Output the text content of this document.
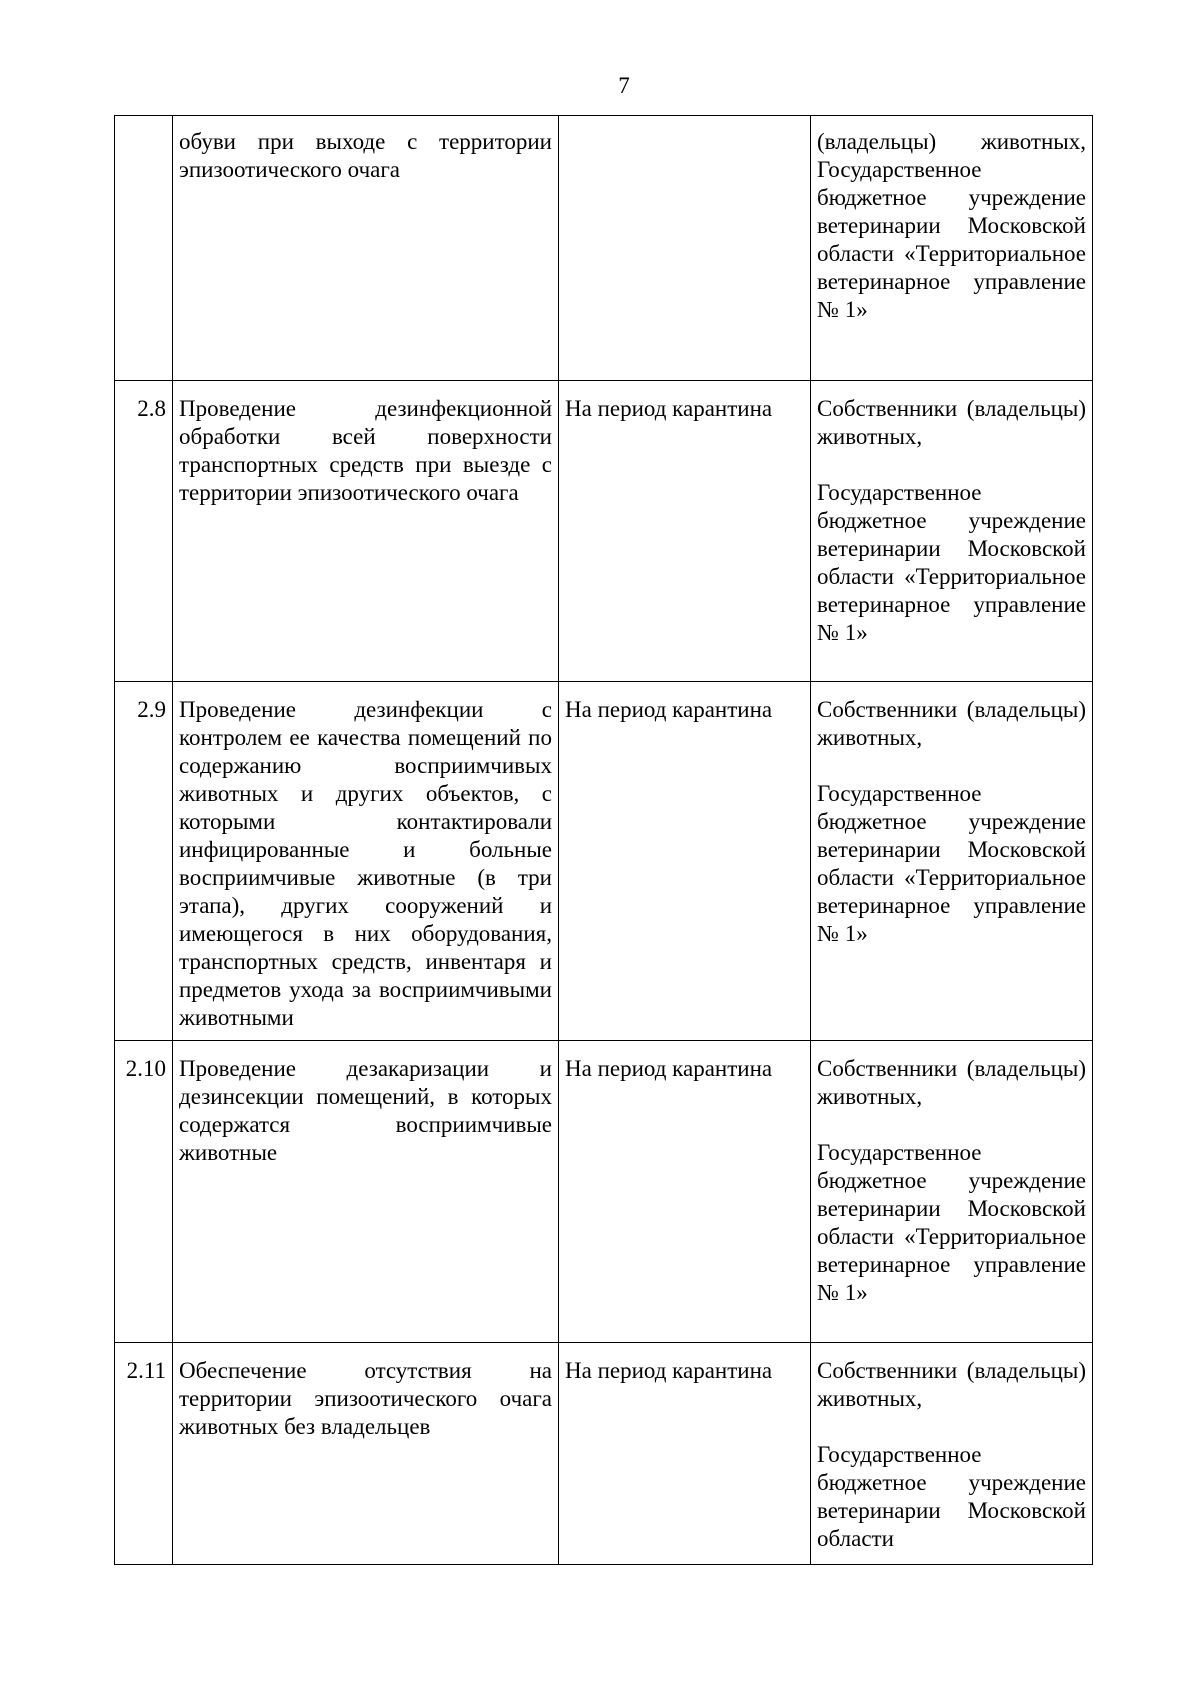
7
	обуви при выходе с территории эпизоотического очага		(владельцы) животных, Государственное бюджетное учреждение ветеринарии Московской области «Территориальное ветеринарное управление № 1»

2.8	Проведение дезинфекционной обработки всей поверхности транспортных средств при выезде с территории эпизоотического очага	На период карантина	Собственники (владельцы) животных,
Государственное бюджетное учреждение ветеринарии Московской области «Территориальное ветеринарное управление № 1»

2.9	Проведение дезинфекции с контролем ее качества помещений по содержанию восприимчивых животных и других объектов, с которыми контактировали инфицированные и больные восприимчивые животные (в три этапа), других сооружений и имеющегося в них оборудования, транспортных средств, инвентаря и предметов ухода за восприимчивыми животными	На период карантина	Собственники (владельцы) животных,
Государственное бюджетное учреждение ветеринарии Московской области «Территориальное ветеринарное управление № 1»

2.10	Проведение дезакаризации и дезинсекции помещений, в которых содержатся восприимчивые животные	На период карантина	Собственники (владельцы) животных,
Государственное бюджетное учреждение ветеринарии Московской области «Территориальное ветеринарное управление № 1»

2.11	Обеспечение отсутствия на территории эпизоотического очага животных без владельцев	На период карантина	Собственники (владельцы) животных,
Государственное бюджетное учреждение ветеринарии Московской области
